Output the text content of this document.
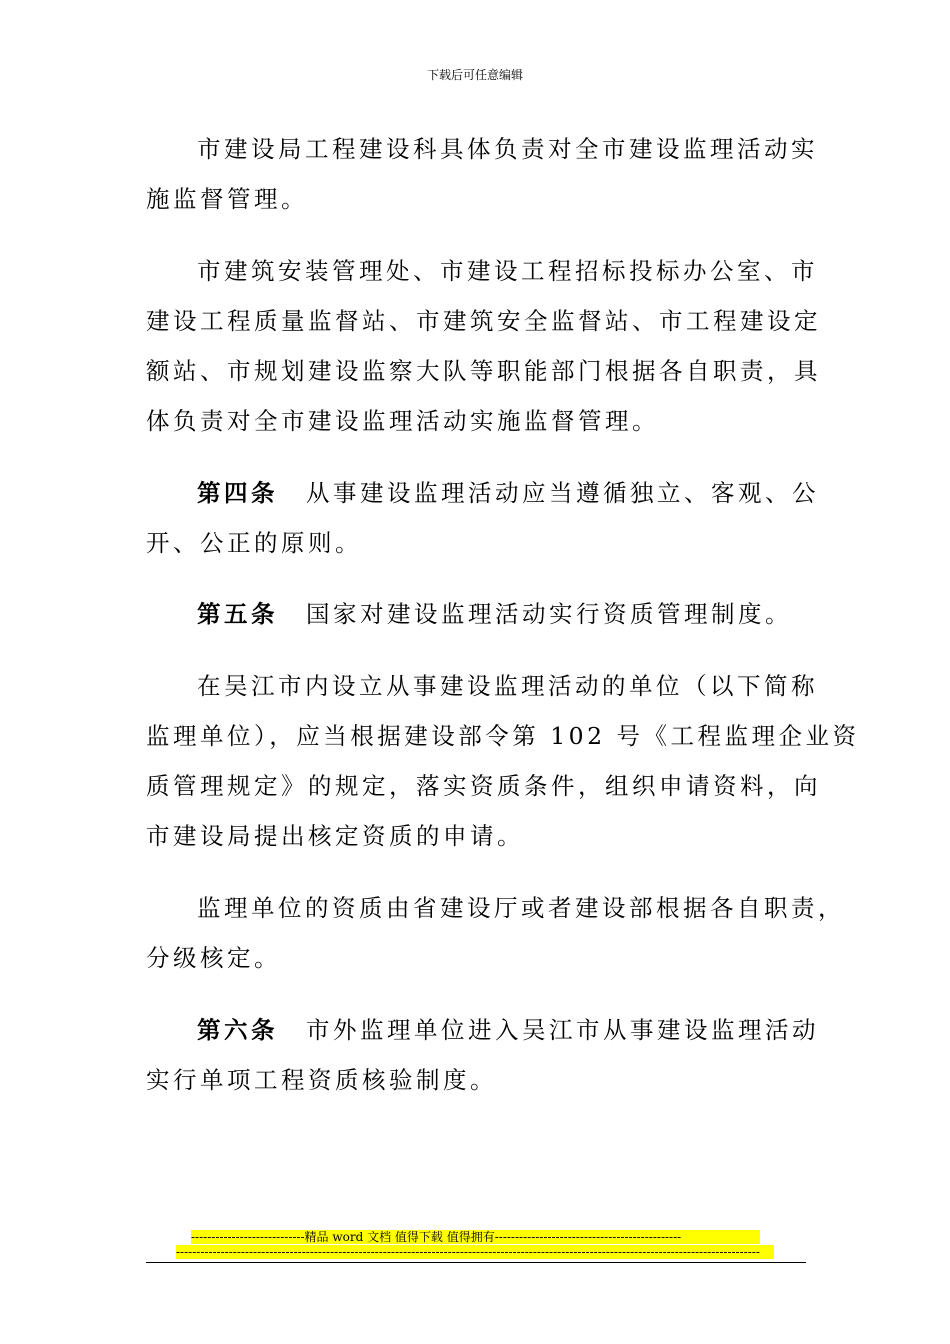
下载后可任意编辑
市建设局工程建设科具体负责对全市建设监理活动实
施监督管理。
市建筑安装管理处、市建设工程招标投标办公室、市
建设工程质量监督站、市建筑安全监督站、市工程建设定
额站、市规划建设监察大队等职能部门根据各自职责，具
体负责对全市建设监理活动实施监督管理。
第四条 从事建设监理活动应当遵循独立、客观、公
开、公正的原则。
第五条 国家对建设监理活动实行资质管理制度。
在吴江市内设立从事建设监理活动的单位（以下简称
监理单位），应当根据建设部令第 102 号《工程监理企业资
质管理规定》的规定，落实资质条件，组织申请资料，向
市建设局提出核定资质的申请。
监理单位的资质由省建设厅或者建设部根据各自职责，
分级核定。
第六条 市外监理单位进入吴江市从事建设监理活动
实行单项工程资质核验制度。
----------------------------精品 word 文档 值得下载 值得拥有----------------------------------------------
------------------------------------------------------------------------------------------------------------------------------------------------
